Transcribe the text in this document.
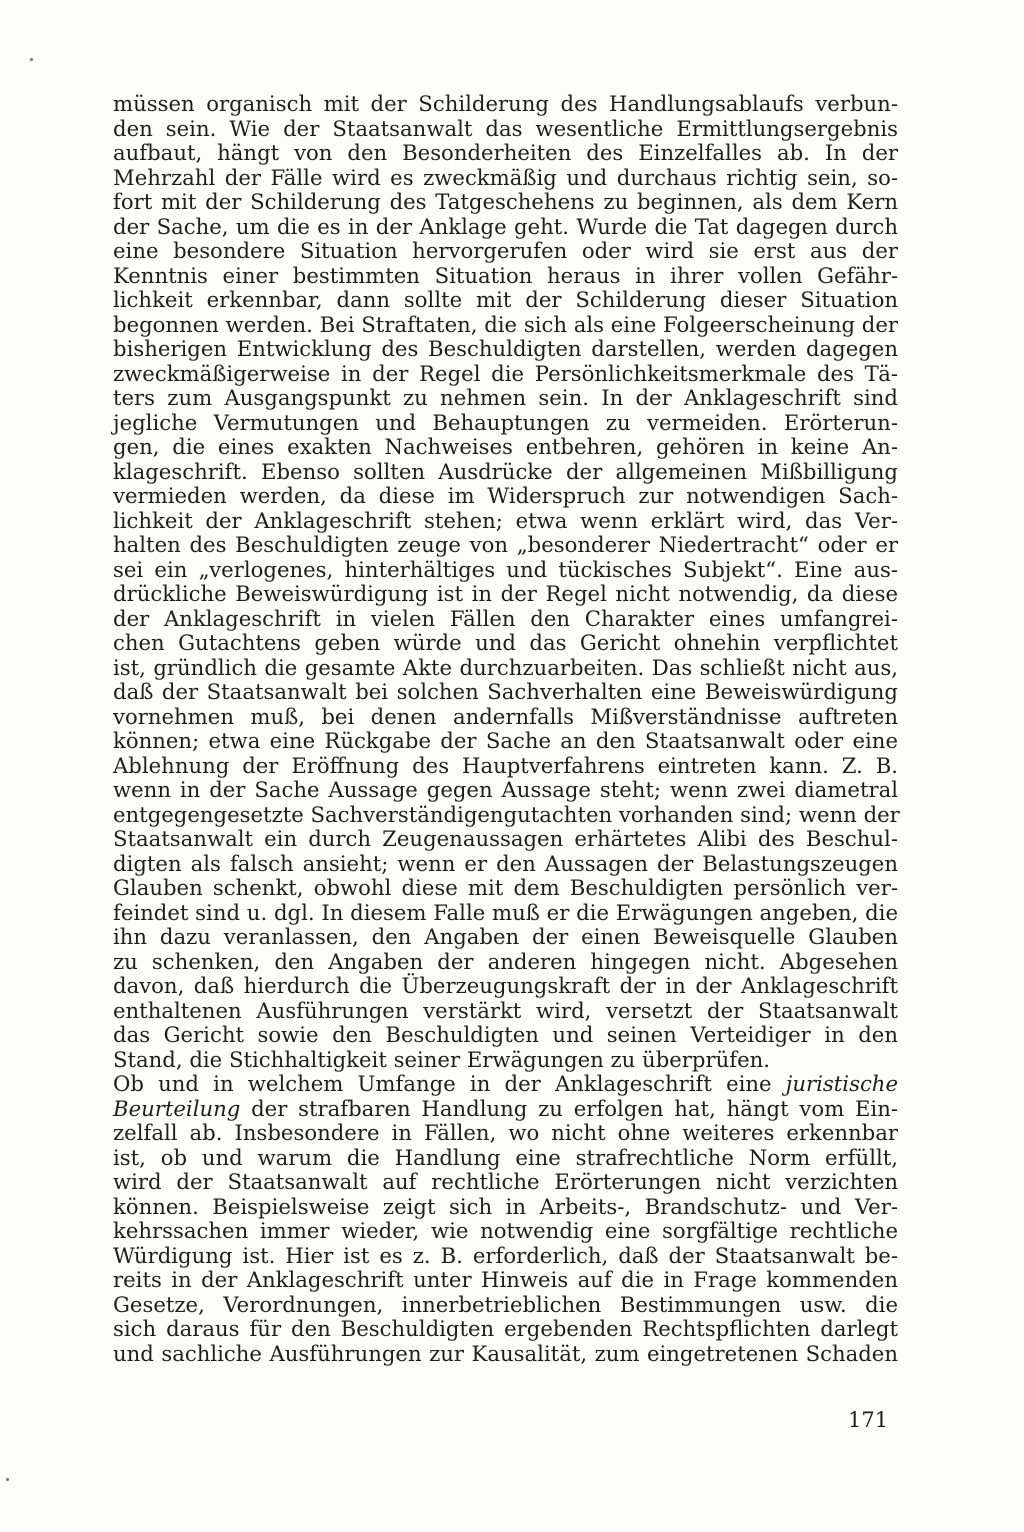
müssen organisch mit der Schilderung des Handlungsablaufs verbun-
den sein. Wie der Staatsanwalt das wesentliche Ermittlungsergebnis
aufbaut, hängt von den Besonderheiten des Einzelfalles ab. In der
Mehrzahl der Fälle wird es zweckmäßig und durchaus richtig sein, so-
fort mit der Schilderung des Tatgeschehens zu beginnen, als dem Kern
der Sache, um die es in der Anklage geht. Wurde die Tat dagegen durch
eine besondere Situation hervorgerufen oder wird sie erst aus der
Kenntnis einer bestimmten Situation heraus in ihrer vollen Gefähr-
lichkeit erkennbar, dann sollte mit der Schilderung dieser Situation
begonnen werden. Bei Straftaten, die sich als eine Folgeerscheinung der
bisherigen Entwicklung des Beschuldigten darstellen, werden dagegen
zweckmäßigerweise in der Regel die Persönlichkeitsmerkmale des Tä-
ters zum Ausgangspunkt zu nehmen sein. In der Anklageschrift sind
jegliche Vermutungen und Behauptungen zu vermeiden. Erörterun-
gen, die eines exakten Nachweises entbehren, gehören in keine An-
klageschrift. Ebenso sollten Ausdrücke der allgemeinen Mißbilligung
vermieden werden, da diese im Widerspruch zur notwendigen Sach-
lichkeit der Anklageschrift stehen; etwa wenn erklärt wird, das Ver-
halten des Beschuldigten zeuge von „besonderer Niedertracht“ oder er
sei ein „verlogenes, hinterhältiges und tückisches Subjekt“. Eine aus-
drückliche Beweiswürdigung ist in der Regel nicht notwendig, da diese
der Anklageschrift in vielen Fällen den Charakter eines umfangrei-
chen Gutachtens geben würde und das Gericht ohnehin verpflichtet
ist, gründlich die gesamte Akte durchzuarbeiten. Das schließt nicht aus,
daß der Staatsanwalt bei solchen Sachverhalten eine Beweiswürdigung
vornehmen muß, bei denen andernfalls Mißverständnisse auftreten
können; etwa eine Rückgabe der Sache an den Staatsanwalt oder eine
Ablehnung der Eröffnung des Hauptverfahrens eintreten kann. Z. B.
wenn in der Sache Aussage gegen Aussage steht; wenn zwei diametral
entgegengesetzte Sachverständigengutachten vorhanden sind; wenn der
Staatsanwalt ein durch Zeugenaussagen erhärtetes Alibi des Beschul-
digten als falsch ansieht; wenn er den Aussagen der Belastungszeugen
Glauben schenkt, obwohl diese mit dem Beschuldigten persönlich ver-
feindet sind u. dgl. In diesem Falle muß er die Erwägungen angeben, die
ihn dazu veranlassen, den Angaben der einen Beweisquelle Glauben
zu schenken, den Angaben der anderen hingegen nicht. Abgesehen
davon, daß hierdurch die Überzeugungskraft der in der Anklageschrift
enthaltenen Ausführungen verstärkt wird, versetzt der Staatsanwalt
das Gericht sowie den Beschuldigten und seinen Verteidiger in den
Stand, die Stichhaltigkeit seiner Erwägungen zu überprüfen.
Ob und in welchem Umfange in der Anklageschrift eine juristische
Beurteilung der strafbaren Handlung zu erfolgen hat, hängt vom Ein-
zelfall ab. Insbesondere in Fällen, wo nicht ohne weiteres erkennbar
ist, ob und warum die Handlung eine strafrechtliche Norm erfüllt,
wird der Staatsanwalt auf rechtliche Erörterungen nicht verzichten
können. Beispielsweise zeigt sich in Arbeits-, Brandschutz- und Ver-
kehrssachen immer wieder, wie notwendig eine sorgfältige rechtliche
Würdigung ist. Hier ist es z. B. erforderlich, daß der Staatsanwalt be-
reits in der Anklageschrift unter Hinweis auf die in Frage kommenden
Gesetze, Verordnungen, innerbetrieblichen Bestimmungen usw. die
sich daraus für den Beschuldigten ergebenden Rechtspflichten darlegt
und sachliche Ausführungen zur Kausalität, zum eingetretenen Schaden
171
